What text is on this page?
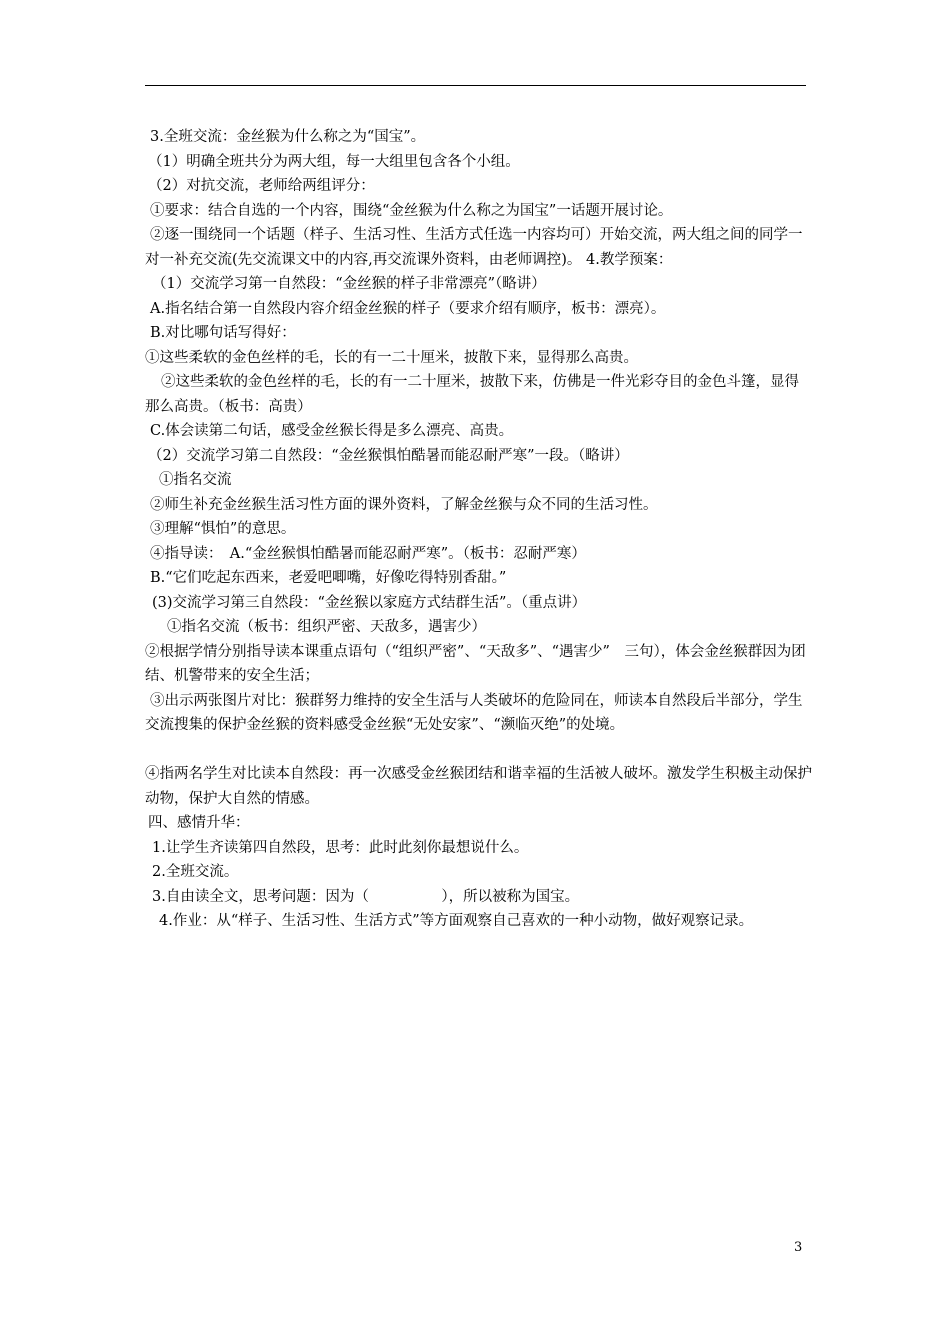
3.全班交流：金丝猴为什么称之为“国宝”。
（1）明确全班共分为两大组，每一大组里包含各个小组。
（2）对抗交流，老师给两组评分：
①要求：结合自选的一个内容，围绕“金丝猴为什么称之为国宝”一话题开展讨论。
②逐一围绕同一个话题（样子、生活习性、生活方式任选一内容均可）开始交流，两大组之间的同学一对一补充交流(先交流课文中的内容,再交流课外资料，由老师调控)。 4.教学预案：
（1）交流学习第一自然段：“金丝猴的样子非常漂亮”（略讲）
A.指名结合第一自然段内容介绍金丝猴的样子（要求介绍有顺序，板书：漂亮）。
B.对比哪句话写得好：
①这些柔软的金色丝样的毛，长的有一二十厘米，披散下来，显得那么高贵。
②这些柔软的金色丝样的毛，长的有一二十厘米，披散下来，仿佛是一件光彩夺目的金色斗篷，显得那么高贵。（板书：高贵）
C.体会读第二句话，感受金丝猴长得是多么漂亮、高贵。
（2）交流学习第二自然段：“金丝猴惧怕酷暑而能忍耐严寒”一段。（略讲）
①指名交流
②师生补充金丝猴生活习性方面的课外资料，了解金丝猴与众不同的生活习性。
③理解“惧怕”的意思。
④指导读：　A.“金丝猴惧怕酷暑而能忍耐严寒”。（板书：忍耐严寒）
B.“它们吃起东西来，老爱吧唧嘴，好像吃得特别香甜。”
(3)交流学习第三自然段：“金丝猴以家庭方式结群生活”。（重点讲）
①指名交流（板书：组织严密、天敌多，遇害少）
②根据学情分别指导读本课重点语句（“组织严密”、“天敌多”、“遇害少”　三句），体会金丝猴群因为团结、机警带来的安全生活；
③出示两张图片对比：猴群努力维持的安全生活与人类破坏的危险同在，师读本自然段后半部分，学生交流搜集的保护金丝猴的资料感受金丝猴“无处安家”、“濒临灭绝”的处境。
④指两名学生对比读本自然段：再一次感受金丝猴团结和谐幸福的生活被人破坏。激发学生积极主动保护动物，保护大自然的情感。
四、感情升华：
1.让学生齐读第四自然段，思考：此时此刻你最想说什么。
2.全班交流。
3.自由读全文，思考问题：因为（　　　　　），所以被称为国宝。
4.作业：从“样子、生活习性、生活方式”等方面观察自己喜欢的一种小动物，做好观察记录。
3
